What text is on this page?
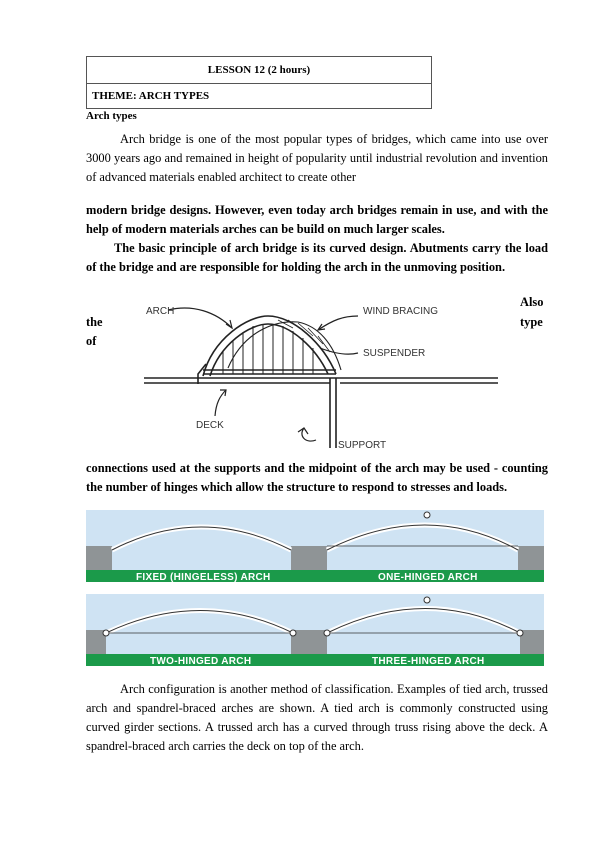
LESSON 12 (2 hours)
THEME: ARCH TYPES
Arch types
Arch bridge is one of the most popular types of bridges, which came into use over 3000 years ago and remained in height of popularity until industrial revolution and invention of advanced materials enabled architect to create other
modern bridge designs. However, even today arch bridges remain in use, and with the help of modern materials arches can be build on much larger scales.
The basic principle of arch bridge is its curved design. Abutments carry the load of the bridge and are responsible for holding the arch in the unmoving position.
Also
the	type
of
ARCH	WIND BRACING
SUSPENDER
DECK
SUPPORT
connections used at the supports and the midpoint of the arch may be used - counting the number of hinges which allow the structure to respond to stresses and loads.
FIXED (HINGELESS) ARCH	ONE-HINGED ARCH
TWO-HINGED ARCH	THREE-HINGED ARCH
Arch configuration is another method of classification. Examples of tied arch, trussed arch and spandrel-braced arches are shown. A tied arch is commonly constructed using curved girder sections. A trussed arch has a curved through truss rising above the deck. A spandrel-braced arch carries the deck on top of the arch.
